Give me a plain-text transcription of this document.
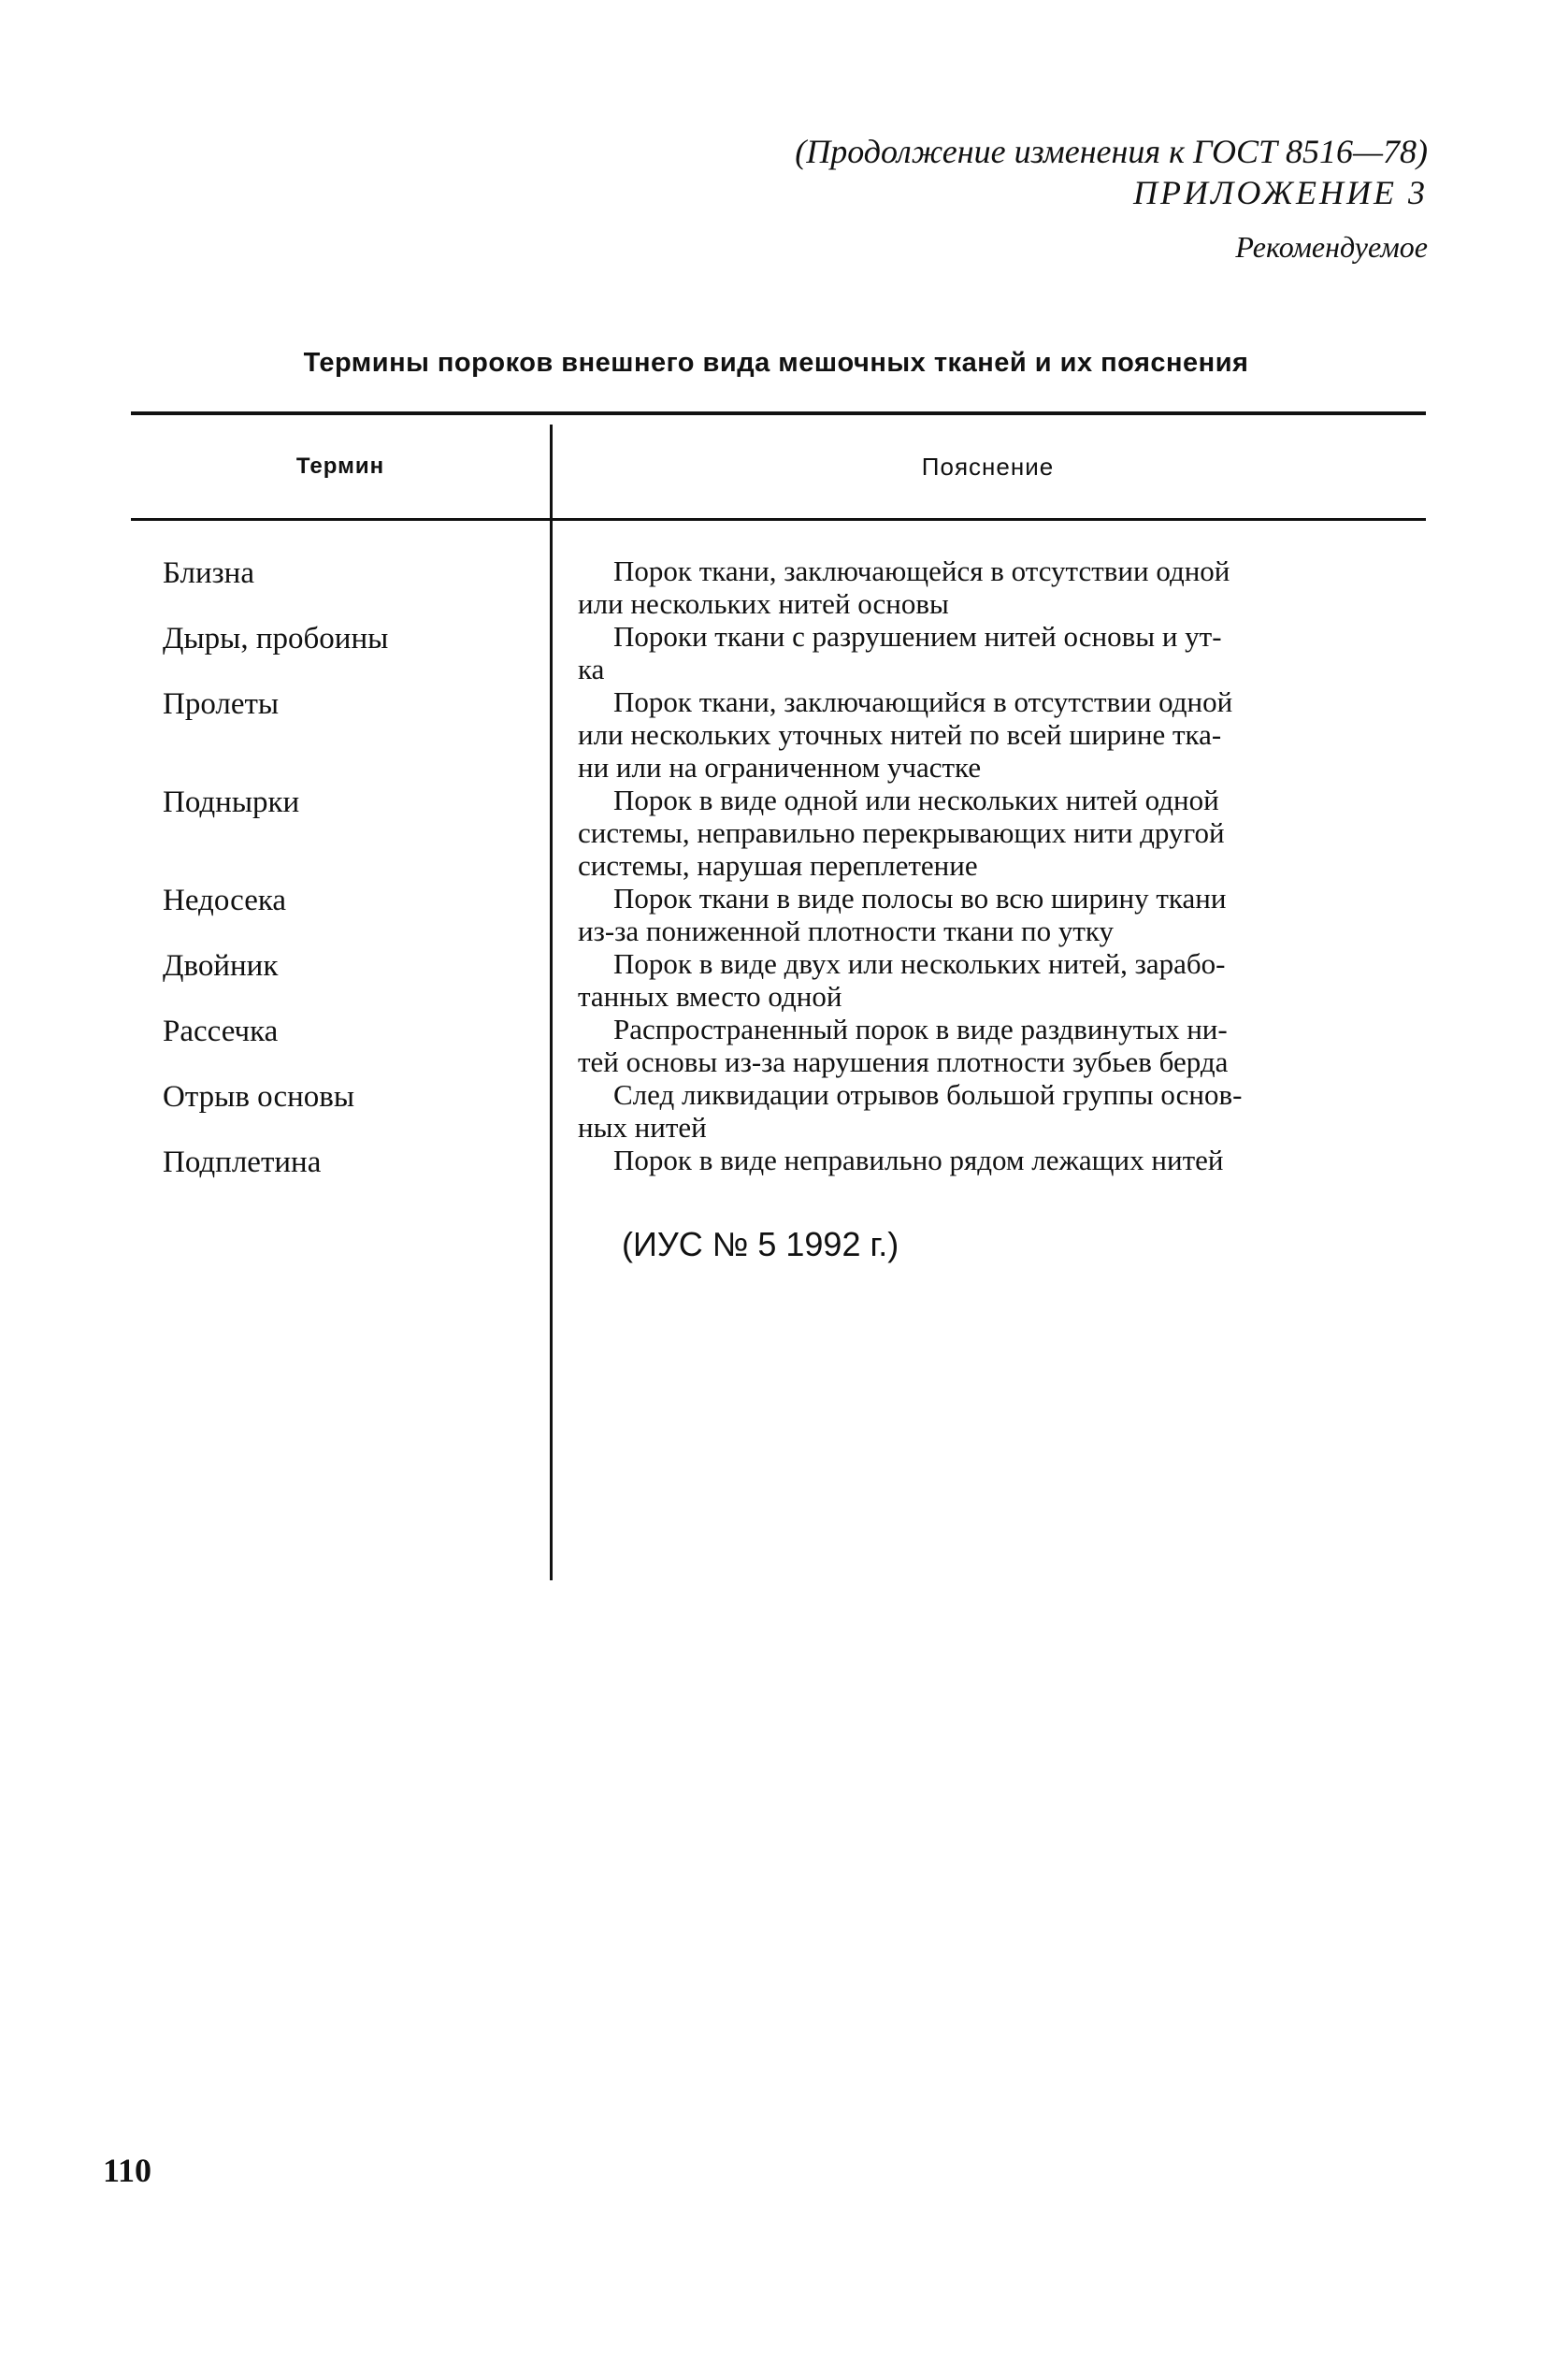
(Продолжение изменения к ГОСТ 8516—78)
ПРИЛОЖЕНИЕ 3
Рекомендуемое
Термины пороков внешнего вида мешочных тканей и их пояснения
Термин	Пояснение
Близна	Порок ткани, заключающейся в отсутствии одной
или нескольких нитей основы
Дыры, пробоины	Пороки ткани с разрушением нитей основы и ут-
ка
Пролеты	Порок ткани, заключающийся в отсутствии одной
или нескольких уточных нитей по всей ширине тка-
ни или на ограниченном участке
Поднырки	Порок в виде одной или нескольких нитей одной
системы, неправильно перекрывающих нити другой
системы, нарушая переплетение
Недосека	Порок ткани в виде полосы во всю ширину ткани
из-за пониженной плотности ткани по утку
Двойник	Порок в виде двух или нескольких нитей, зарабо-
танных вместо одной
Рассечка	Распространенный порок в виде раздвинутых ни-
тей основы из-за нарушения плотности зубьев бердa
Отрыв основы	След ликвидации отрывов большой группы основ-
ных нитей
Подплетина	Порок в виде неправильно рядом лежащих нитей
(ИУС № 5 1992 г.)
110
